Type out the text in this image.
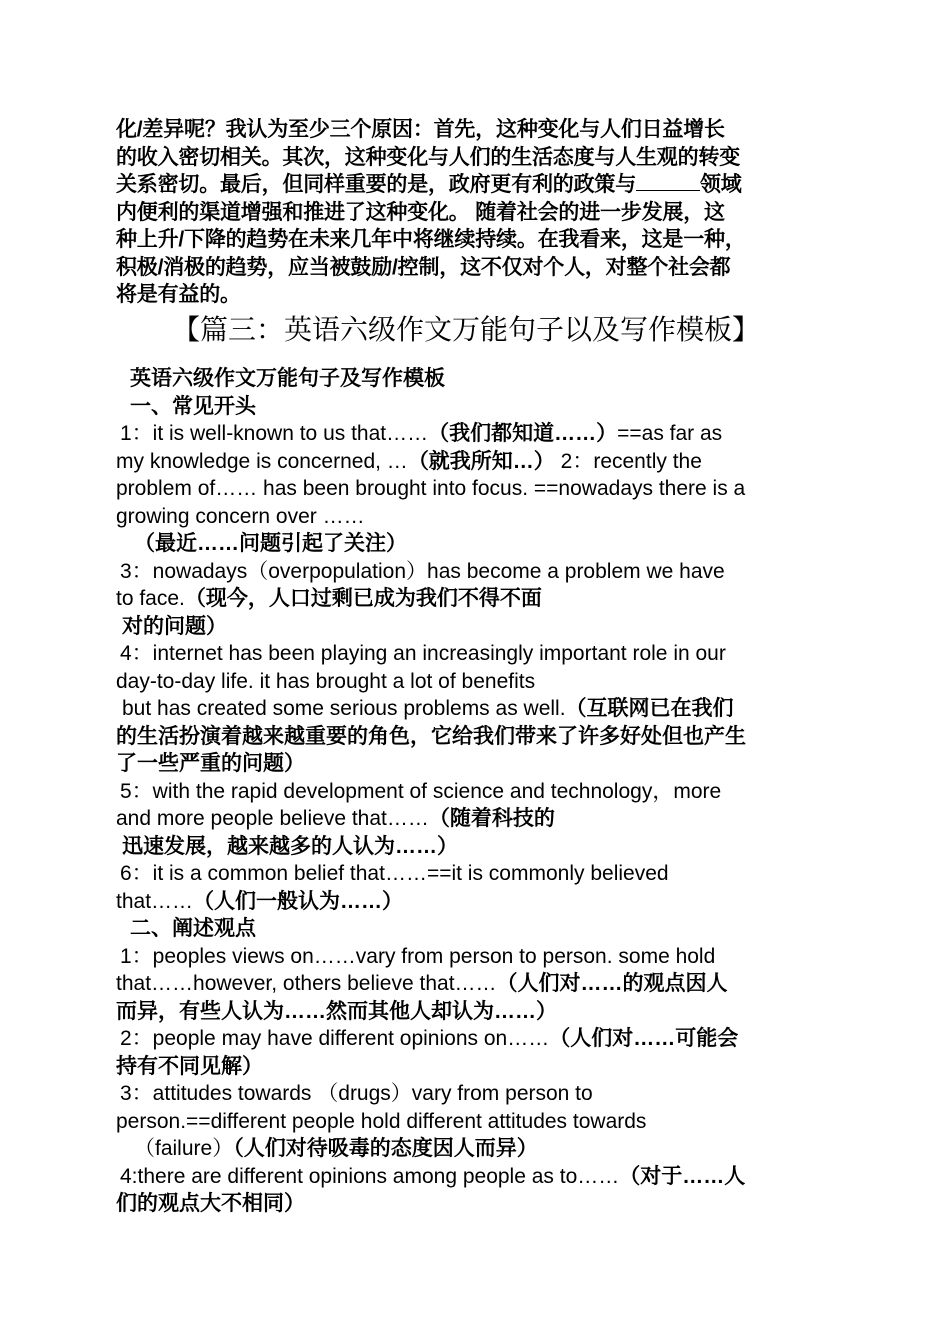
化/差异呢？我认为至少三个原因：首先，这种变化与人们日益增长

的收入密切相关。其次，这种变化与人们的生活态度与人生观的转变

关系密切。最后，但同样重要的是，政府更有利的政策与	领域

内便利的渠道增强和推进了这种变化。 随着社会的进一步发展，这

种上升/下降的趋势在未来几年中将继续持续。在我看来，这是一种，

积极/消极的趋势，应当被鼓励/控制，这不仅对个人，对整个社会都

将是有益的。

【篇三：英语六级作文万能句子以及写作模板】
英语六级作文万能句子及写作模板
一、常见开头

1：it is well-known to us that……（我们都知道……）==as far as

my knowledge is concerned, …（就我所知…） 2：recently the

problem of…… has been brought into focus. ==nowadays there is a

growing concern over ……

（最近……问题引起了关注）

3：nowadays（overpopulation）has become a problem we have

to face.（现今，人口过剩已成为我们不得不面

对的问题）

4：internet has been playing an increasingly important role in our

day-to-day life. it has brought a lot of benefits

but has created some serious problems as well.（互联网已在我们

的生活扮演着越来越重要的角色，它给我们带来了许多好处但也产生

了一些严重的问题）

5：with the rapid development of science and technology，more

and more people believe that……（随着科技的

迅速发展，越来越多的人认为……）

6：it is a common belief that……==it is commonly believed

that……（人们一般认为……）

二、阐述观点

1：peoples views on……vary from person to person. some hold

that……however, others believe that……（人们对……的观点因人

而异，有些人认为……然而其他人却认为……）

2：people may have different opinions on……（人们对……可能会

持有不同见解）

3：attitudes towards （drugs）vary from person to

person.==different people hold different attitudes towards

（failure）（人们对待吸毒的态度因人而异）

4:there are different opinions among people as to……（对于……人

们的观点大不相同）
